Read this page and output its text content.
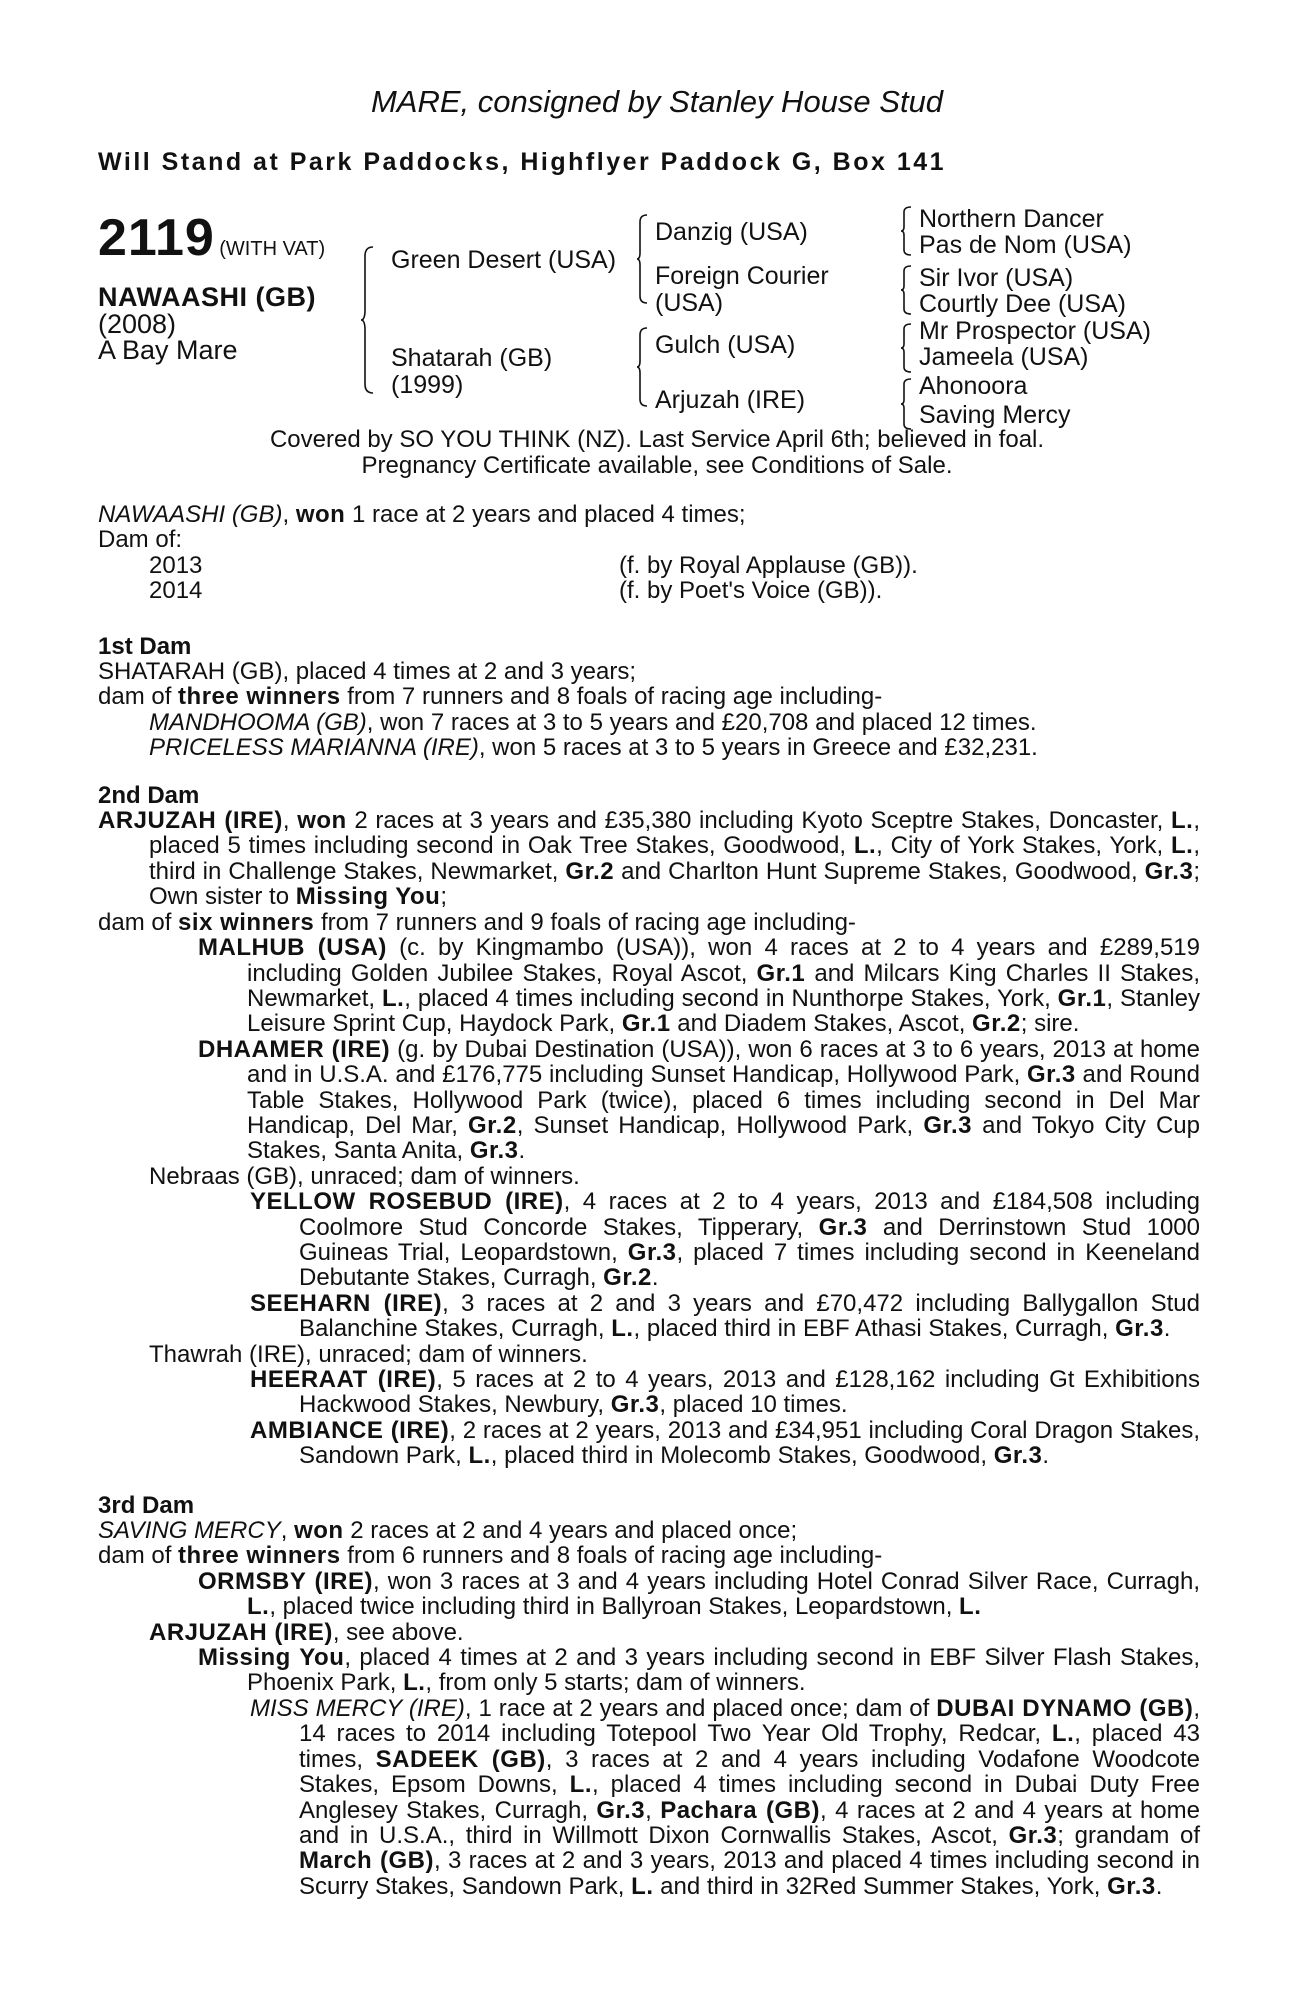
MARE, consigned by Stanley House Stud
Will Stand at Park Paddocks, Highflyer Paddock G, Box 141
2119 (WITH VAT)
NAWAASHI (GB)
(2008)
A Bay Mare
Green Desert (USA)
Shatarah (GB)
(1999)
Danzig (USA)
Foreign Courier
(USA)
Gulch (USA)
Arjuzah (IRE)
Northern Dancer
Pas de Nom (USA)
Sir Ivor (USA)
Courtly Dee (USA)
Mr Prospector (USA)
Jameela (USA)
Ahonoora
Saving Mercy
Covered by SO YOU THINK (NZ). Last Service April 6th; believed in foal.
Pregnancy Certificate available, see Conditions of Sale.

NAWAASHI (GB), won 1 race at 2 years and placed 4 times;

Dam of:

2013	(f. by Royal Applause (GB)).
2014	(f. by Poet's Voice (GB)).

1st Dam

SHATARAH (GB), placed 4 times at 2 and 3 years;

dam of three winners from 7 runners and 8 foals of racing age including-

MANDHOOMA (GB), won 7 races at 3 to 5 years and £20,708 and placed 12 times.

PRICELESS MARIANNA (IRE), won 5 races at 3 to 5 years in Greece and £32,231.

2nd Dam

ARJUZAH (IRE), won 2 races at 3 years and £35,380 including Kyoto Sceptre Stakes, Doncaster, L., placed 5 times including second in Oak Tree Stakes, Goodwood, L., City of York Stakes, York, L., third in Challenge Stakes, Newmarket, Gr.2 and Charlton Hunt Supreme Stakes, Goodwood, Gr.3; Own sister to Missing You;

dam of six winners from 7 runners and 9 foals of racing age including-

MALHUB (USA) (c. by Kingmambo (USA)), won 4 races at 2 to 4 years and £289,519 including Golden Jubilee Stakes, Royal Ascot, Gr.1 and Milcars King Charles II Stakes, Newmarket, L., placed 4 times including second in Nunthorpe Stakes, York, Gr.1, Stanley Leisure Sprint Cup, Haydock Park, Gr.1 and Diadem Stakes, Ascot, Gr.2; sire.

DHAAMER (IRE) (g. by Dubai Destination (USA)), won 6 races at 3 to 6 years, 2013 at home and in U.S.A. and £176,775 including Sunset Handicap, Hollywood Park, Gr.3 and Round Table Stakes, Hollywood Park (twice), placed 6 times including second in Del Mar Handicap, Del Mar, Gr.2, Sunset Handicap, Hollywood Park, Gr.3 and Tokyo City Cup Stakes, Santa Anita, Gr.3.

Nebraas (GB), unraced; dam of winners.

YELLOW ROSEBUD (IRE), 4 races at 2 to 4 years, 2013 and £184,508 including Coolmore Stud Concorde Stakes, Tipperary, Gr.3 and Derrinstown Stud 1000 Guineas Trial, Leopardstown, Gr.3, placed 7 times including second in Keeneland Debutante Stakes, Curragh, Gr.2.

SEEHARN (IRE), 3 races at 2 and 3 years and £70,472 including Ballygallon Stud Balanchine Stakes, Curragh, L., placed third in EBF Athasi Stakes, Curragh, Gr.3.

Thawrah (IRE), unraced; dam of winners.

HEERAAT (IRE), 5 races at 2 to 4 years, 2013 and £128,162 including Gt Exhibitions Hackwood Stakes, Newbury, Gr.3, placed 10 times.

AMBIANCE (IRE), 2 races at 2 years, 2013 and £34,951 including Coral Dragon Stakes, Sandown Park, L., placed third in Molecomb Stakes, Goodwood, Gr.3.

3rd Dam

SAVING MERCY, won 2 races at 2 and 4 years and placed once;

dam of three winners from 6 runners and 8 foals of racing age including-

ORMSBY (IRE), won 3 races at 3 and 4 years including Hotel Conrad Silver Race, Curragh, L., placed twice including third in Ballyroan Stakes, Leopardstown, L.

ARJUZAH (IRE), see above.

Missing You, placed 4 times at 2 and 3 years including second in EBF Silver Flash Stakes, Phoenix Park, L., from only 5 starts; dam of winners.

MISS MERCY (IRE), 1 race at 2 years and placed once; dam of DUBAI DYNAMO (GB), 14 races to 2014 including Totepool Two Year Old Trophy, Redcar, L., placed 43 times, SADEEK (GB), 3 races at 2 and 4 years including Vodafone Woodcote Stakes, Epsom Downs, L., placed 4 times including second in Dubai Duty Free Anglesey Stakes, Curragh, Gr.3, Pachara (GB), 4 races at 2 and 4 years at home and in U.S.A., third in Willmott Dixon Cornwallis Stakes, Ascot, Gr.3; grandam of March (GB), 3 races at 2 and 3 years, 2013 and placed 4 times including second in Scurry Stakes, Sandown Park, L. and third in 32Red Summer Stakes, York, Gr.3.
